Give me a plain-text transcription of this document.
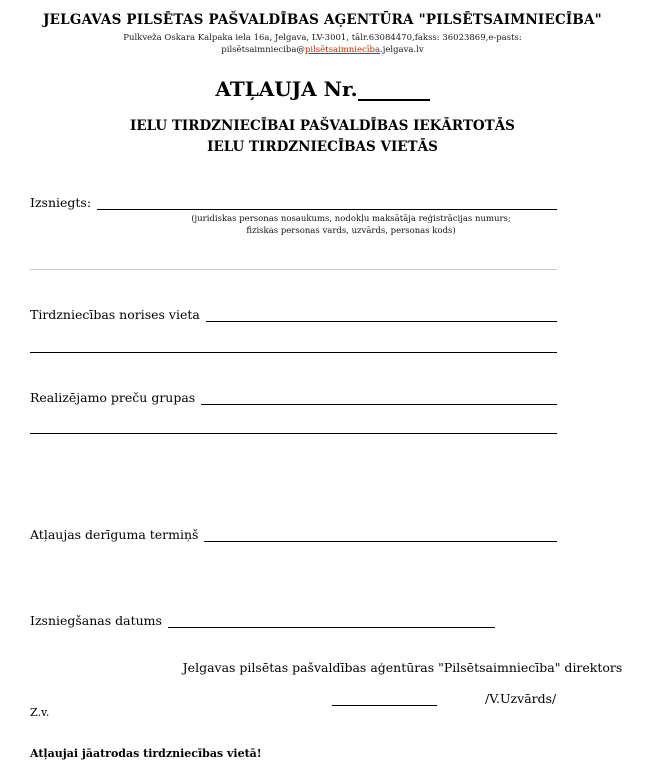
JELGAVAS PILSĒTAS PAŠVALDĪBAS AĢENTŪRA "PILSĒTSAIMNIECĪBA"
Pulkveža Oskara Kalpaka iela 16a, Jelgava, LV-3001, tālr.63084470,fakss: 36023869,e-pasts:
pilsētsaimnieciba@pilsētsaimniecība.jelgava.lv
ATĻAUJA Nr.
IELU TIRDZNIECĪBAI PAŠVALDĪBAS IEKĀRTOTĀS
IELU TIRDZNIECĪBAS VIETĀS
Izsniegts:
(juridiskas personas nosaukums, nodokļu maksātāja reģistrācijas numurs;
fiziskas personas vards, uzvārds, personas kods)
Tirdzniecības norises vieta
Realizējamo preču grupas
Atļaujas derīguma termiņš
Izsniegšanas datums
Jelgavas pilsētas pašvaldības aģentūras "Pilsētsaimniecība" direktors
/V.Uzvārds/
Z.v.
Atļaujai jāatrodas tirdzniecības vietā!
